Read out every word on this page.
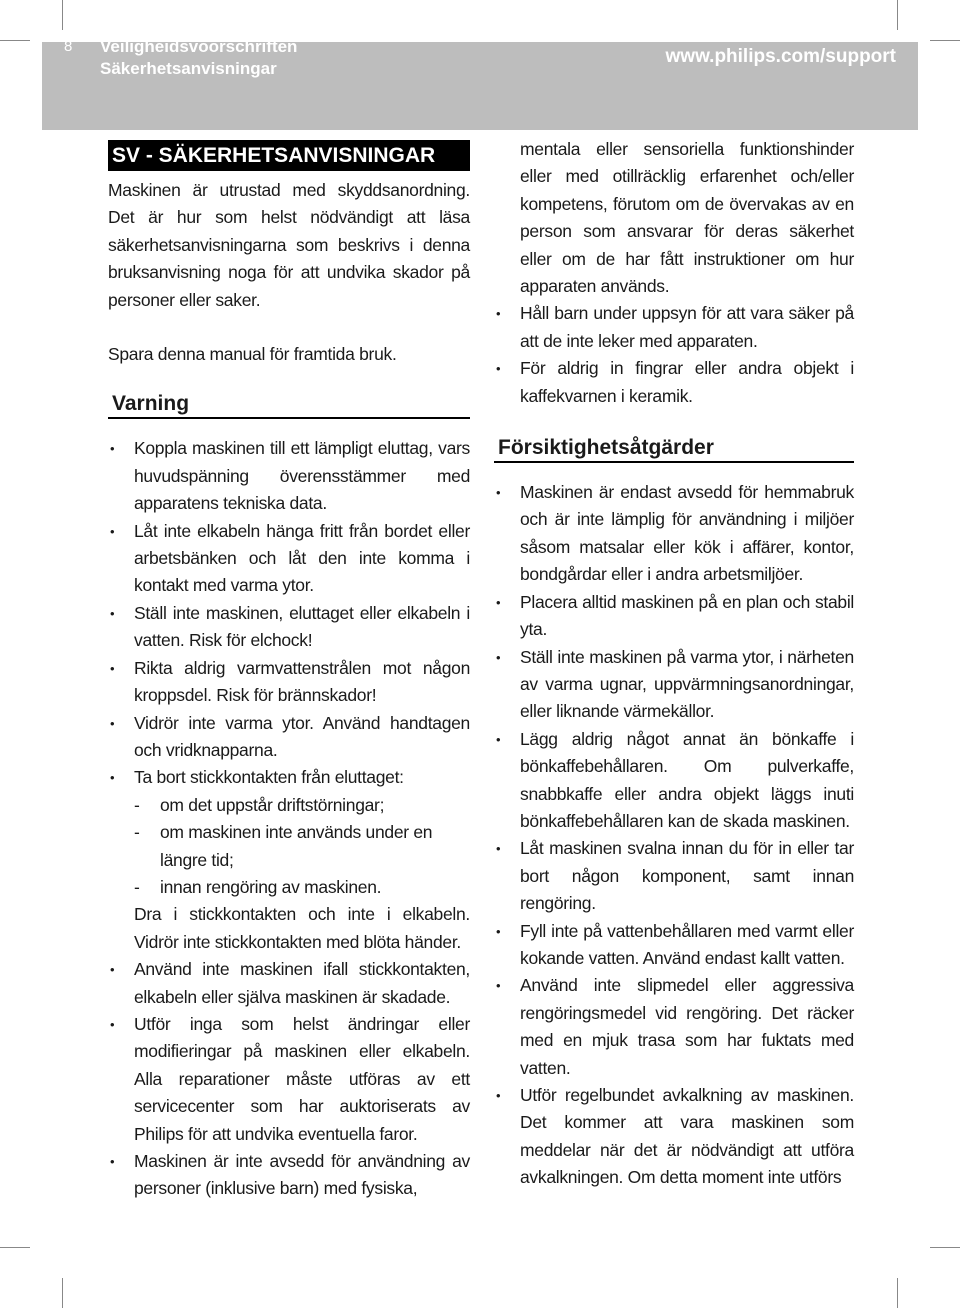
8 Veiligheidsvoorschriften
Säkerhetsanvisningar
www.philips.com/support
SV - SÄKERHETSANVISNINGAR

Maskinen är utrustad med skyddsanordning. Det är hur som helst nödvändigt att läsa säkerhetsanvisningarna som beskrivs i denna bruksanvisning noga för att undvika skador på personer eller saker.

Spara denna manual för framtida bruk.

Varning
• Koppla maskinen till ett lämpligt eluttag, vars huvudspänning överensstämmer med apparatens tekniska data.
• Låt inte elkabeln hänga fritt från bordet eller arbetsbänken och låt den inte komma i kontakt med varma ytor.
• Ställ inte maskinen, eluttaget eller elkabeln i vatten. Risk för elchock!
• Rikta aldrig varmvattenstrålen mot någon kroppsdel. Risk för brännskador!
• Vidrör inte varma ytor. Använd handtagen och vridknapparna.
• Ta bort stickkontakten från eluttaget:
- om det uppstår driftstörningar;
- om maskinen inte används under en längre tid;
- innan rengöring av maskinen.
Dra i stickkontakten och inte i elkabeln. Vidrör inte stickkontakten med blöta händer.
• Använd inte maskinen ifall stickkontakten, elkabeln eller själva maskinen är skadade.
• Utför inga som helst ändringar eller modifieringar på maskinen eller elkabeln. Alla reparationer måste utföras av ett servicecenter som har auktoriserats av Philips för att undvika eventuella faror.
• Maskinen är inte avsedd för användning av personer (inklusive barn) med fysiska,

mentala eller sensoriella funktionshinder eller med otillräcklig erfarenhet och/eller kompetens, förutom om de övervakas av en person som ansvarar för deras säkerhet eller om de har fått instruktioner om hur apparaten används.

• Håll barn under uppsyn för att vara säker på att de inte leker med apparaten.
• För aldrig in fingrar eller andra objekt i kaffekvarnen i keramik.
Försiktighetsåtgärder
• Maskinen är endast avsedd för hemmabruk och är inte lämplig för användning i miljöer såsom matsalar eller kök i affärer, kontor, bondgårdar eller i andra arbetsmiljöer.
• Placera alltid maskinen på en plan och stabil yta.
• Ställ inte maskinen på varma ytor, i närheten av varma ugnar, uppvärmningsanordningar, eller liknande värmekällor.
• Lägg aldrig något annat än bönkaffe i bönkaffebehållaren. Om pulverkaffe, snabbkaffe eller andra objekt läggs inuti bönkaffebehållaren kan de skada maskinen.
• Låt maskinen svalna innan du för in eller tar bort någon komponent, samt innan rengöring.
• Fyll inte på vattenbehållaren med varmt eller kokande vatten. Använd endast kallt vatten.
• Använd inte slipmedel eller aggressiva rengöringsmedel vid rengöring. Det räcker med en mjuk trasa som har fuktats med vatten.
• Utför regelbundet avkalkning av maskinen. Det kommer att vara maskinen som meddelar när det är nödvändigt att utföra avkalkningen. Om detta moment inte utförs
